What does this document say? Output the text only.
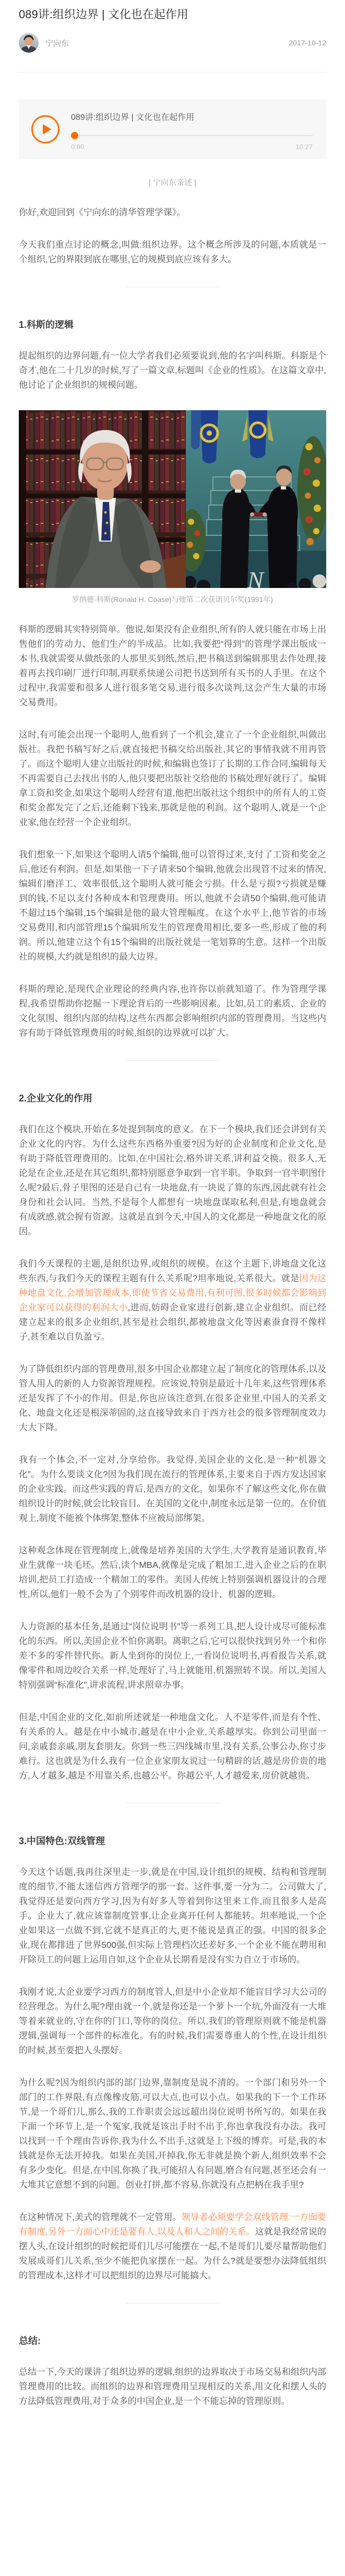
089讲:组织边界 | 文化也在起作用
宁向东	2017-10-12
089讲:组织边界 | 文化也在起作用
0:00	10:27
| 宁向东亲述 |

你好,欢迎回到《宁向东的清华管理学课》。

今天我们重点讨论的概念,叫做:组织边界。这个概念所涉及的问题,本质就是一个组织,它的界限到底在哪里,它的规模到底应该有多大。

1.科斯的逻辑

提起组织的边界问题,有一位大学者我们必须要说到,他的名字叫科斯。科斯是个奇才,他在二十几岁的时候,写了一篇文章,标题叫《企业的性质》。在这篇文章中,他讨论了企业组织的规模问题。

N
罗纳德·科斯(Ronald H. Coase)与他第二次获诺贝尔奖(1991年)

科斯的逻辑其实特别简单。他说,如果没有企业组织,所有的人就只能在市场上出售他们的劳动力、他们生产的半成品。比如,我要把“得到”的管理学课出版成一本书,我就需要从做纸张的人那里买到纸,然后,把书稿送到编辑那里去作处理,接着再去找印刷厂进行印制,再联系快递公司把书送到所有买书的人手里。在这个过程中,我需要和很多人进行很多笔交易,进行很多次谈判,这会产生大量的市场交易费用。

这时,有可能会出现一个聪明人,他看到了一个机会,建立了一个企业组织,叫做出版社。我把书稿写好之后,就直接把书稿交给出版社,其它的事情我就不用再管了。而这个聪明人建立出版社的时候,和编辑也签订了长期的工作合同,编辑每天不再需要自己去找出书的人,他只要把出版社交给他的书稿处理好就行了。编辑拿工资和奖金,如果这个聪明人经营有道,他把出版社这个组织中的所有人的工资和奖金都发完了之后,还能剩下钱来,那就是他的利润。这个聪明人,就是一个企业家,他在经营一个企业组织。

我们想象一下,如果这个聪明人请5个编辑,他可以管得过来,支付了工资和奖金之后,他还有利润。但是,如果他一下子请来50个编辑,他就会出现管不过来的情况,编辑们磨洋工、效率很低,这个聪明人就可能会亏损。什么是亏损?亏损就是赚到的钱,不足以支付各种成本和管理费用。所以,他就不会请50个编辑,他可能请不超过15个编辑,15个编辑是他的最大管理幅度。在这个水平上,他节省的市场交易费用,和内部管理15个编辑所发生的管理费用相比,要多一些,形成了他的利润。所以,他建立这个有15个编辑的出版社就是一笔划算的生意。这样一个出版社的规模,大约就是组织的最大边界。

科斯的理论,是现代企业理论的经典内容,也许你以前就知道了。作为管理学课程,我希望帮助你挖掘一下理论背后的一些影响因素。比如,员工的素质、企业的文化氛围、组织内部的结构,这些东西都会影响组织内部的管理费用。当这些内容有助于降低管理费用的时候,组织的边界就可以扩大。

2.企业文化的作用

我们在这个模块,开始在多处提到制度的意义。在下一个模块,我们还会讲到有关企业文化的内容。为什么这些东西格外重要?因为好的企业制度和企业文化,是有助于降低管理费用的。比如,在中国社会,格外讲关系,讲利益交换。很多人,无论是在企业,还是在其它组织,都特别愿意争取到一官半职。争取到一官半职图什么呢?最后,骨子里图的还是自己有一块地盘,有一块说了算的东西,因此就有社会身份和社会认同。当然,不是每个人都想有一块地盘谋取私利,但是,有地盘就会有成就感,就会握有资源。这就是直到今天,中国人的文化都是一种地盘文化的原因。

我们今天课程的主题,是组织边界,或组织的规模。在这个主题下,讲地盘文化这些东西,与我们今天的课程主题有什么关系呢?坦率地说,关系很大。就是因为这种地盘文化,会增加管理成本,即使节省交易费用,有利可图,很多时候都会影响到企业家可以获得的利润大小,进而,妨碍企业家进行创新,建立企业组织。而已经建立起来的很多企业组织,甚至是社会组织,都被地盘文化等因素蚕食得不像样子,甚至难以自负盈亏。

为了降低组织内部的管理费用,很多中国企业都建立起了制度化的管理体系,以及管人用人的新的人力资源管理规程。应该说,特别是最近十几年来,这些管理体系还是发挥了不小的作用。但是,你也应该注意到,在很多企业里,中国人的关系文化、地盘文化还是根深蒂固的,这直接导致来自于西方社会的很多管理制度效力大大下降。

我有一个体会,不一定对,分享给你。我觉得,美国企业的文化,是一种“机器文化”。为什么要谈文化?因为我们现在流行的管理体系,主要来自于西方发达国家的企业实践。而这些实践的背后,是西方的文化。如果你不了解这些文化,你在做组织设计的时候,就会比较盲目。在美国的文化中,制度永远是第一位的。在价值观上,制度不能被个体绑架,整体不应被局部绑架。

这种观念体现在管理制度上,就像是培养美国的大学生,大学教育是通识教育,毕业生就像一块毛坯。然后,读个MBA,就像是完成了粗加工,进入企业之后的在职培训,把员工打造成一个精加工的零件。美国人传统上特别强调机器设计的合理性,所以,他们一般不会为了个别零件而改机器的设计、机器的逻辑。

人力资源的基本任务,是通过“岗位说明书”等一系列工具,把人设计成尽可能标准化的东西。所以,美国企业不怕你离职。离职之后,它可以很快找到另外一个和你差不多的零件替代你。新人坐到你的岗位上,一看岗位说明书,再看报告关系,就像零件和周边咬合关系一样,处理好了,马上就能用,机器照转不误。所以,美国人特别强调“标准化”,讲求流程,讲求照章办事。

但是,中国企业的文化,如前所述就是一种地盘文化。人不是零件,而是有个性、有关系的人。越是在中小城市,越是在中小企业,关系越厚实。你到公司里面一问,亲戚套亲戚,朋友套朋友。你到一些三四线城市里,没有关系,公事公办,你寸步难行。这也就是为什么我有一位企业家朋友说过一句精辟的话,越是房价贵的地方,人才越多,越是不用靠关系,也越公平。你越公平,人才越爱来,房价就越贵。

3.中国特色:双线管理

今天这个话题,我再往深里走一步,就是在中国,设计组织的规模、结构和管理制度的细节,不能太迷信西方管理学的那一套。这件事,要一分为二。公司做大了,我觉得还是要向西方学习,因为有好多人等着到你这里来工作,而且很多人是高手。企业大了,就应该靠制度管事,让企业离开任何人都能转。坦率地说,一个企业如果这一点做不到,它就不是真正的大,更不能说是真正的强。中国的很多企业,现在都排进了世界500强,但实际上管理档次还差好多,一个企业不能在聘用和开除员工的问题上运用自如,这个企业从长期看是没有实力自立于市场的。

我刚才说,大企业要学习西方的制度管人,但是中小企业却不能盲目学习大公司的经营理念。为什么呢?理由就一个,就是你还是一个萝卜一个坑,外面没有一大堆等着来就业的,守在你的门口,等你的岗位。所以,我们的管理原则就不能是机器逻辑,强调每一个部件的标准化。有的时候,我们需要尊重人的个性,在设计组织的时候,甚至要把人头摆好。

为什么呢?因为组织内部的部门边界,靠制度是说不清的。一个部门和另外一个部门的工作界限,有点像橡皮筋,可以大点,也可以小点。如果我的下一个工作环节,是一个哥们儿,那么,我的工作职责会远远超出岗位说明书所写的。如果在我下面一个环节上,是一个冤家,我就是该出手时不出手,你也拿我没有办法。我可以找到一千个理由告诉你,我为什么不出手,这就是上下级的博弈。可是,我的本钱就是你无法开掉我。如果在美国,开掉我,你无非就是换个新人,组织效率不会有多少变化。但是,在中国,你换了我,可能招人有问题,磨合有问题,甚至还会有一大堆其它意想不到的问题。创业打拼,都不容易,你就没有点把柄在我手里?

在这种情况下,美式的管理就不一定管用。领导者必须要学会双线管理:一方面要有制度,另外一方面心中还是要有人,以及人和人之间的关系。这就是我经常说的摆人头,在设计组织的时候把哥们儿尽可能摆在一起,不是哥们儿要尽量帮助他们发展成哥们儿关系,至少不能把仇家摆在一起。为什么?就是要想办法降低组织的管理成本,这样才可以把组织的边界尽可能搞大。

总结:

总结一下,今天的课讲了组织边界的逻辑,组织的边界取决于市场交易和组织内部管理费用的比较。而组织的边界和管理费用呈现相反的关系,用文化和摆人头的方法降低管理费用,对于众多的中国企业,是一个不能忘掉的管理原则。
